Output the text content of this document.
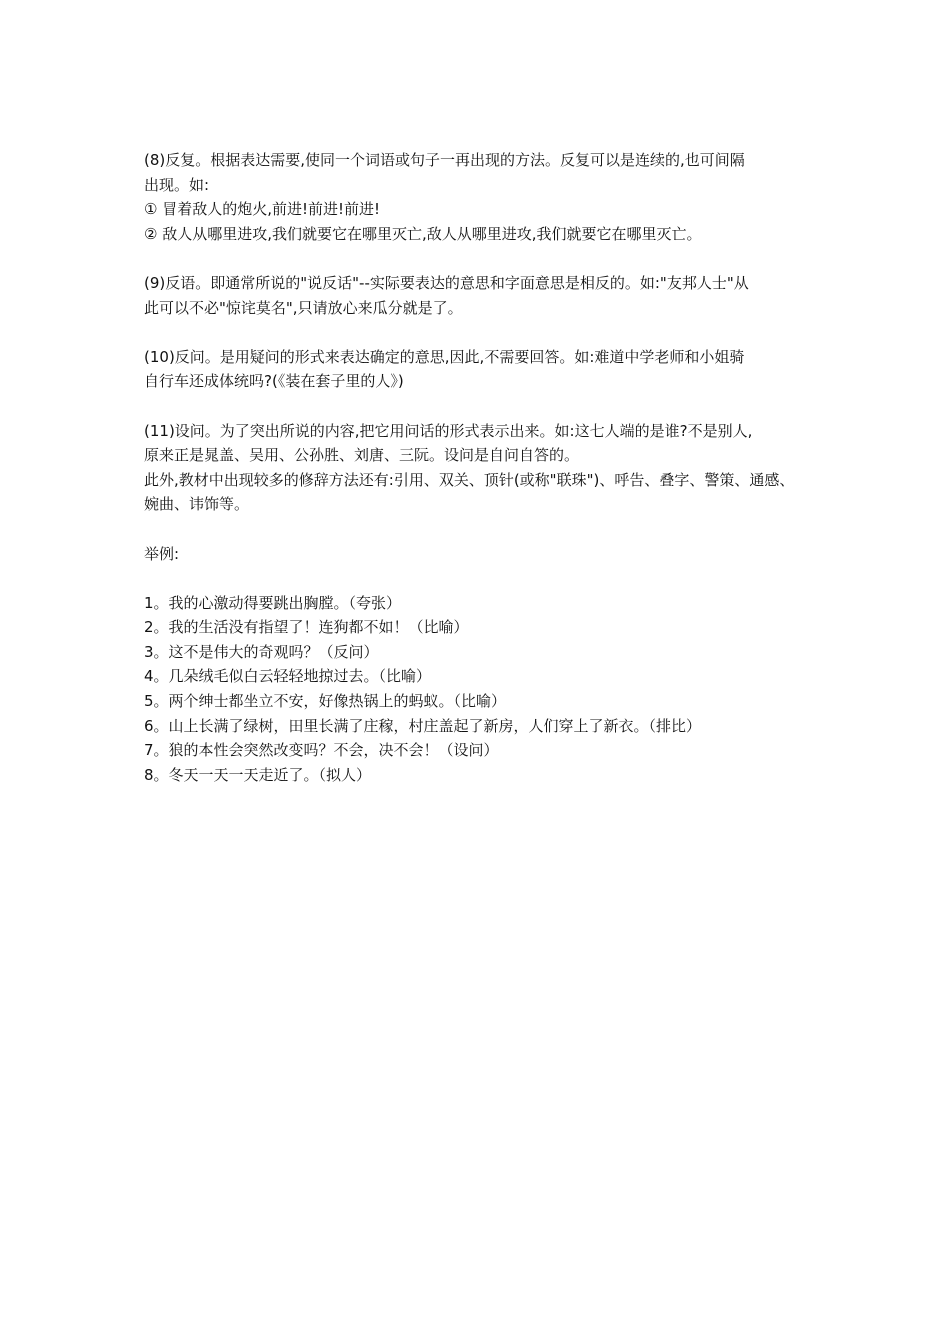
(8)反复。根据表达需要,使同一个词语或句子一再出现的方法。反复可以是连续的,也可间隔
出现。如:
① 冒着敌人的炮火,前进!前进!前进!
② 敌人从哪里进攻,我们就要它在哪里灭亡,敌人从哪里进攻,我们就要它在哪里灭亡。
(9)反语。即通常所说的"说反话"--实际要表达的意思和字面意思是相反的。如:"友邦人士"从
此可以不必"惊诧莫名",只请放心来瓜分就是了。
(10)反问。是用疑问的形式来表达确定的意思,因此,不需要回答。如:难道中学老师和小姐骑
自行车还成体统吗?(《装在套子里的人》)
(11)设问。为了突出所说的内容,把它用问话的形式表示出来。如:这七人端的是谁?不是别人,
原来正是晁盖、吴用、公孙胜、刘唐、三阮。设问是自问自答的。
此外,教材中出现较多的修辞方法还有:引用、双关、顶针(或称"联珠")、呼告、叠字、警策、通感、
婉曲、讳饰等。
举例:
1。我的心激动得要跳出胸膛。（夸张）
2。我的生活没有指望了！连狗都不如！（比喻）
3。这不是伟大的奇观吗？（反问）
4。几朵绒毛似白云轻轻地掠过去。（比喻）
5。两个绅士都坐立不安，好像热锅上的蚂蚁。（比喻）
6。山上长满了绿树，田里长满了庄稼，村庄盖起了新房，人们穿上了新衣。（排比）
7。狼的本性会突然改变吗？不会，决不会！（设问）
8。冬天一天一天走近了。（拟人）
